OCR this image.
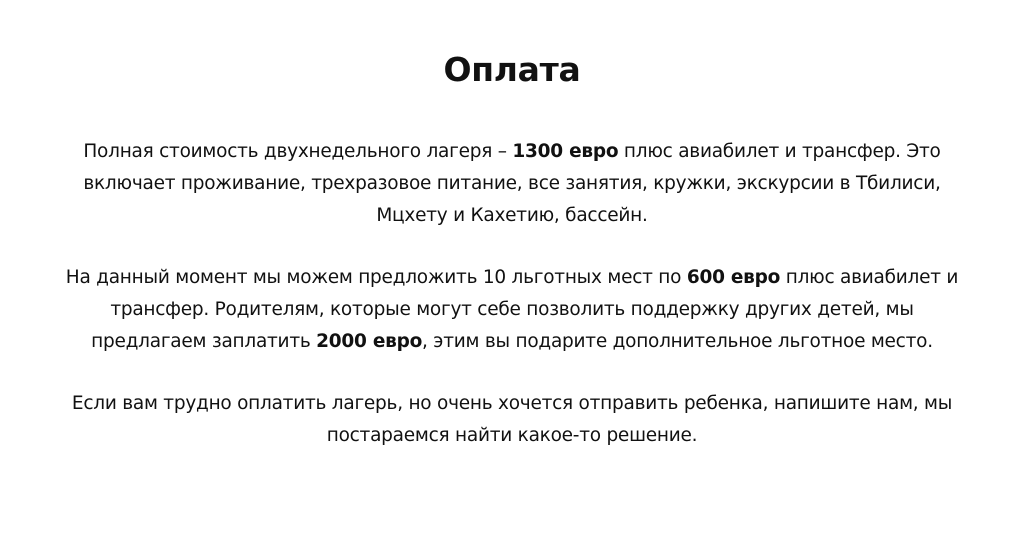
Оплата

Полная стоимость двухнедельного лагеря – 1300 евро плюс авиабилет и трансфер. Это включает проживание, трехразовое питание, все занятия, кружки, экскурсии в Тбилиси, Мцхету и Кахетию, бассейн.

На данный момент мы можем предложить 10 льготных мест по 600 евро плюс авиабилет и трансфер. Родителям, которые могут себе позволить поддержку других детей, мы предлагаем заплатить 2000 евро, этим вы подарите дополнительное льготное место.

Если вам трудно оплатить лагерь, но очень хочется отправить ребенка, напишите нам, мы постараемся найти какое-то решение.
